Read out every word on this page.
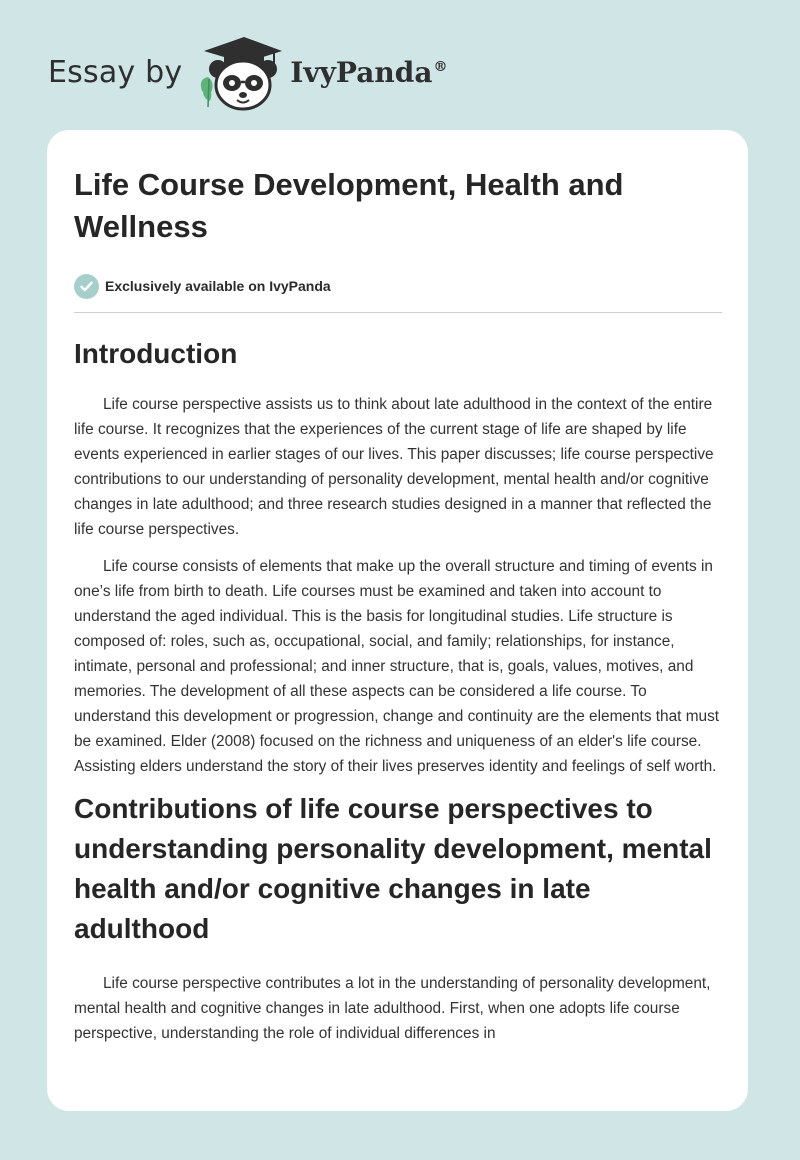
Essay by	IvyPanda®
Life Course Development, Health and Wellness
Exclusively available on IvyPanda
Introduction

Life course perspective assists us to think about late adulthood in the context of the entire life course. It recognizes that the experiences of the current stage of life are shaped by life events experienced in earlier stages of our lives. This paper discusses; life course perspective contributions to our understanding of personality development, mental health and/or cognitive changes in late adulthood; and three research studies designed in a manner that reflected the life course perspectives.

Life course consists of elements that make up the overall structure and timing of events in one’s life from birth to death. Life courses must be examined and taken into account to understand the aged individual. This is the basis for longitudinal studies. Life structure is composed of: roles, such as, occupational, social, and family; relationships, for instance, intimate, personal and professional; and inner structure, that is, goals, values, motives, and memories. The development of all these aspects can be considered a life course. To understand this development or progression, change and continuity are the elements that must be examined. Elder (2008) focused on the richness and uniqueness of an elder's life course. Assisting elders understand the story of their lives preserves identity and feelings of self worth.

Contributions of life course perspectives to understanding personality development, mental health and/or cognitive changes in late adulthood

Life course perspective contributes a lot in the understanding of personality development, mental health and cognitive changes in late adulthood. First, when one adopts life course perspective, understanding the role of individual differences in
